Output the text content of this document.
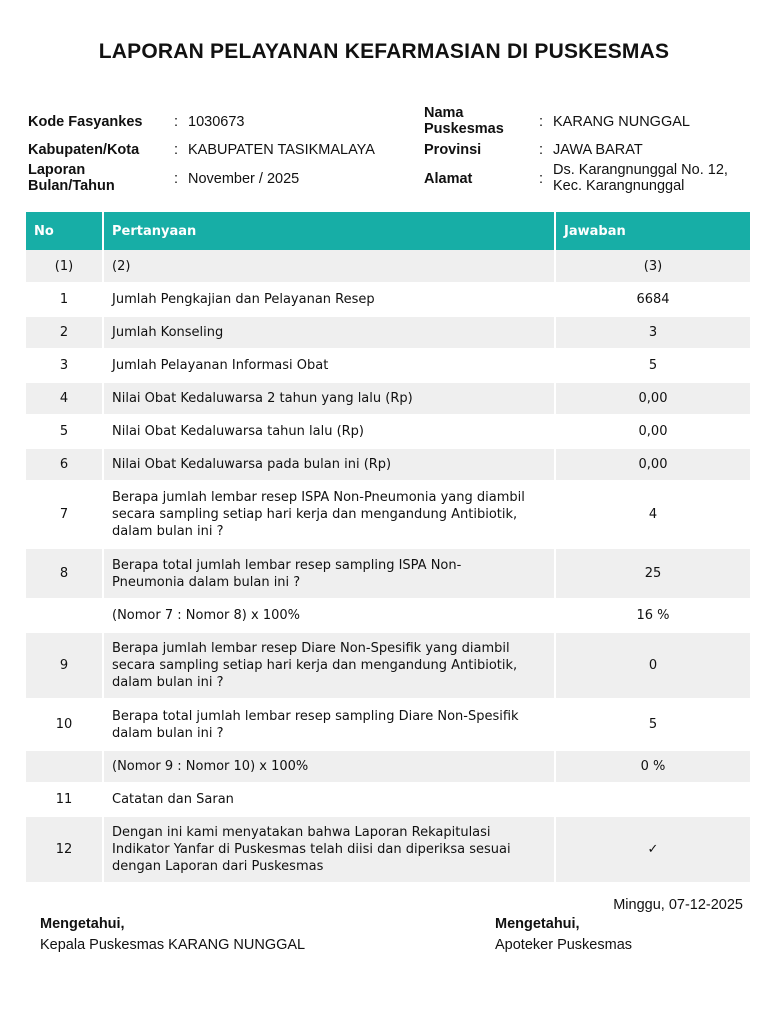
LAPORAN PELAYANAN KEFARMASIAN DI PUSKESMAS
Kode Fasyankes : 1030673
Kabupaten/Kota : KABUPATEN TASIKMALAYA
Laporan
Bulan/Tahun	: November / 2025
Nama
Puskesmas : KARANG NUNGGAL
Provinsi	: JAWA BARAT
Alamat	:
Ds. Karangnunggal No. 12,
Kec. Karangnunggal
No	Pertanyaan	Jawaban
(1)	(2)	(3)
1	Jumlah Pengkajian dan Pelayanan Resep	6684
2	Jumlah Konseling	3
3	Jumlah Pelayanan Informasi Obat	5
4	Nilai Obat Kedaluwarsa 2 tahun yang lalu (Rp)	0,00
5	Nilai Obat Kedaluwarsa tahun lalu (Rp)	0,00
6	Nilai Obat Kedaluwarsa pada bulan ini (Rp)	0,00
7	Berapa jumlah lembar resep ISPA Non-Pneumonia yang diambil
secara sampling setiap hari kerja dan mengandung Antibiotik,
dalam bulan ini ?	4
8	Berapa total jumlah lembar resep sampling ISPA Non-
Pneumonia dalam bulan ini ?	25

	(Nomor 7 : Nomor 8) x 100%	16 %
9	Berapa jumlah lembar resep Diare Non-Spesifik yang diambil
secara sampling setiap hari kerja dan mengandung Antibiotik,
dalam bulan ini ?	0
10	Berapa total jumlah lembar resep sampling Diare Non-Spesifik
dalam bulan ini ?	5

	(Nomor 9 : Nomor 10) x 100%	0 %
11	Catatan dan Saran	

12	Dengan ini kami menyatakan bahwa Laporan Rekapitulasi
Indikator Yanfar di Puskesmas telah diisi dan diperiksa sesuai
dengan Laporan dari Puskesmas	✓
Minggu, 07-12-2025
Mengetahui,
Kepala Puskesmas KARANG NUNGGAL
Mengetahui,
Apoteker Puskesmas
